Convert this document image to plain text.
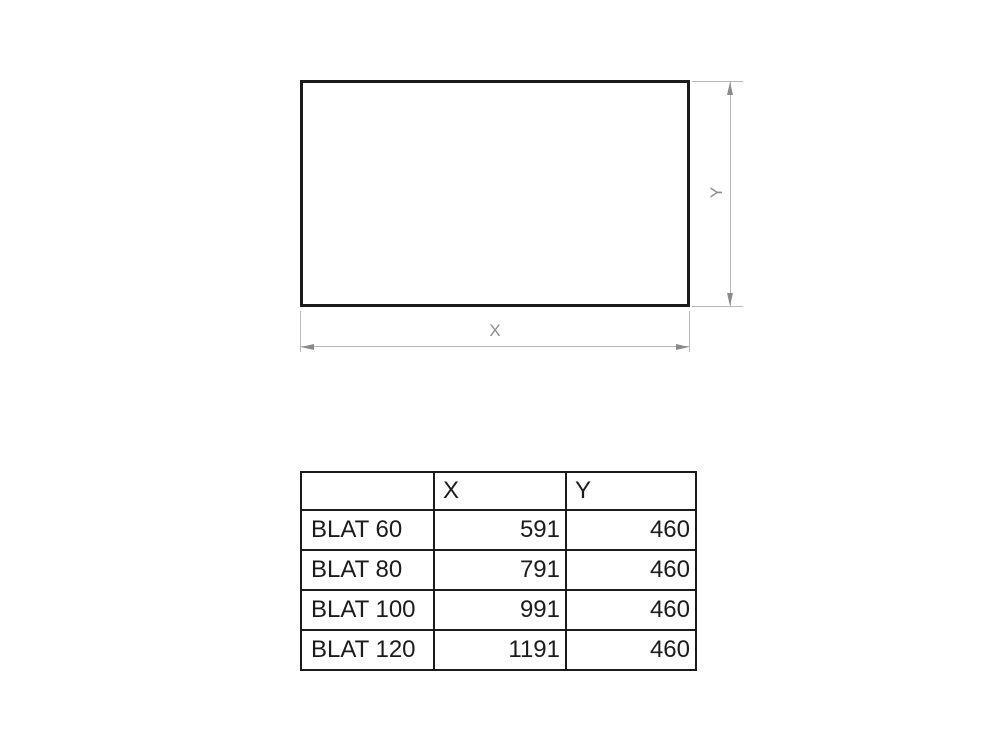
X
Y
	X	Y
BLAT 60	591	460
BLAT 80	791	460
BLAT 100	991	460
BLAT 120	1191	460
